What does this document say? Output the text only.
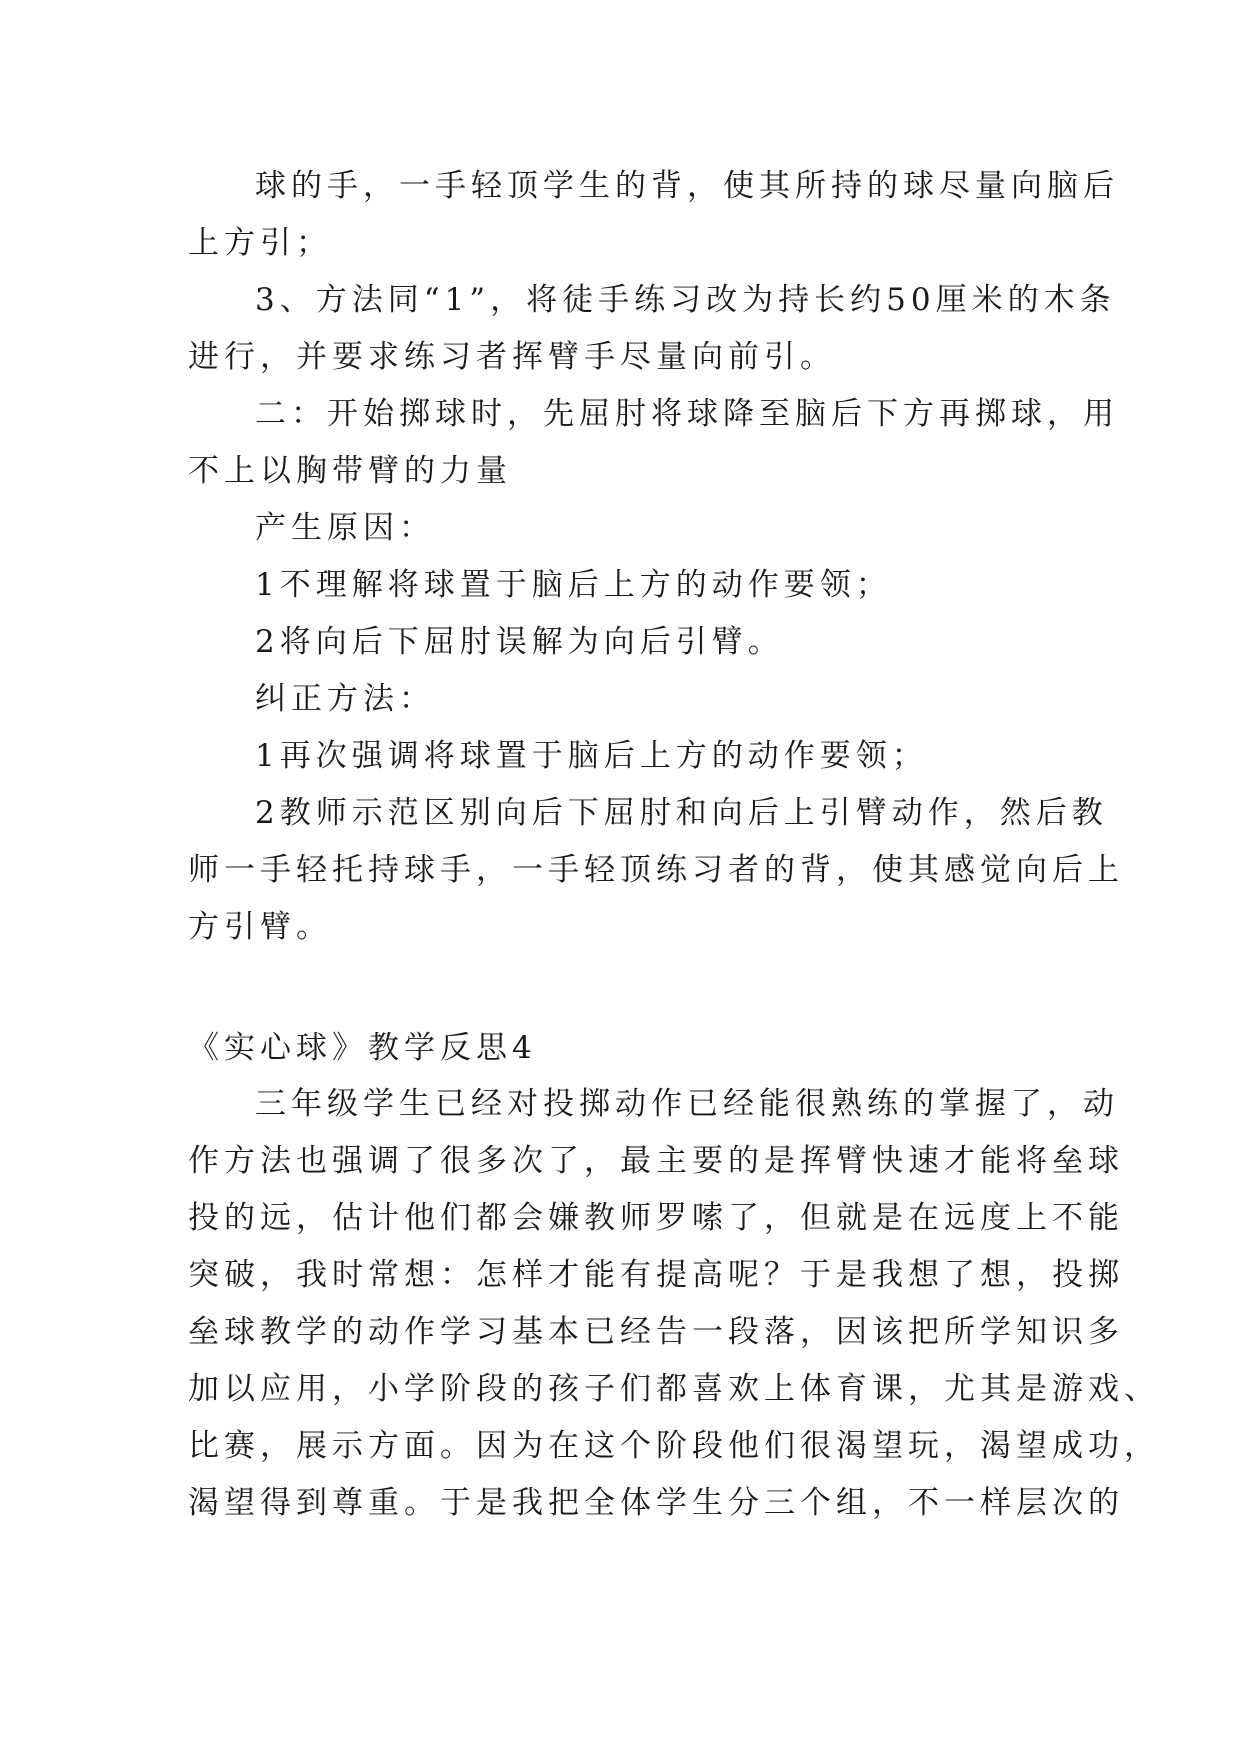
球的手，一手轻顶学生的背，使其所持的球尽量向脑后
上方引；
3、方法同“1”，将徒手练习改为持长约50厘米的木条
进行，并要求练习者挥臂手尽量向前引。
二：开始掷球时，先屈肘将球降至脑后下方再掷球，用
不上以胸带臂的力量
产生原因：
1不理解将球置于脑后上方的动作要领；
2将向后下屈肘误解为向后引臂。
纠正方法：
1再次强调将球置于脑后上方的动作要领；
2教师示范区别向后下屈肘和向后上引臂动作，然后教
师一手轻托持球手，一手轻顶练习者的背，使其感觉向后上
方引臂。
《实心球》教学反思4
三年级学生已经对投掷动作已经能很熟练的掌握了，动
作方法也强调了很多次了，最主要的是挥臂快速才能将垒球
投的远，估计他们都会嫌教师罗嗦了，但就是在远度上不能
突破，我时常想：怎样才能有提高呢？于是我想了想，投掷
垒球教学的动作学习基本已经告一段落，因该把所学知识多
加以应用，小学阶段的孩子们都喜欢上体育课，尤其是游戏、
比赛，展示方面。因为在这个阶段他们很渴望玩，渴望成功，
渴望得到尊重。于是我把全体学生分三个组，不一样层次的
